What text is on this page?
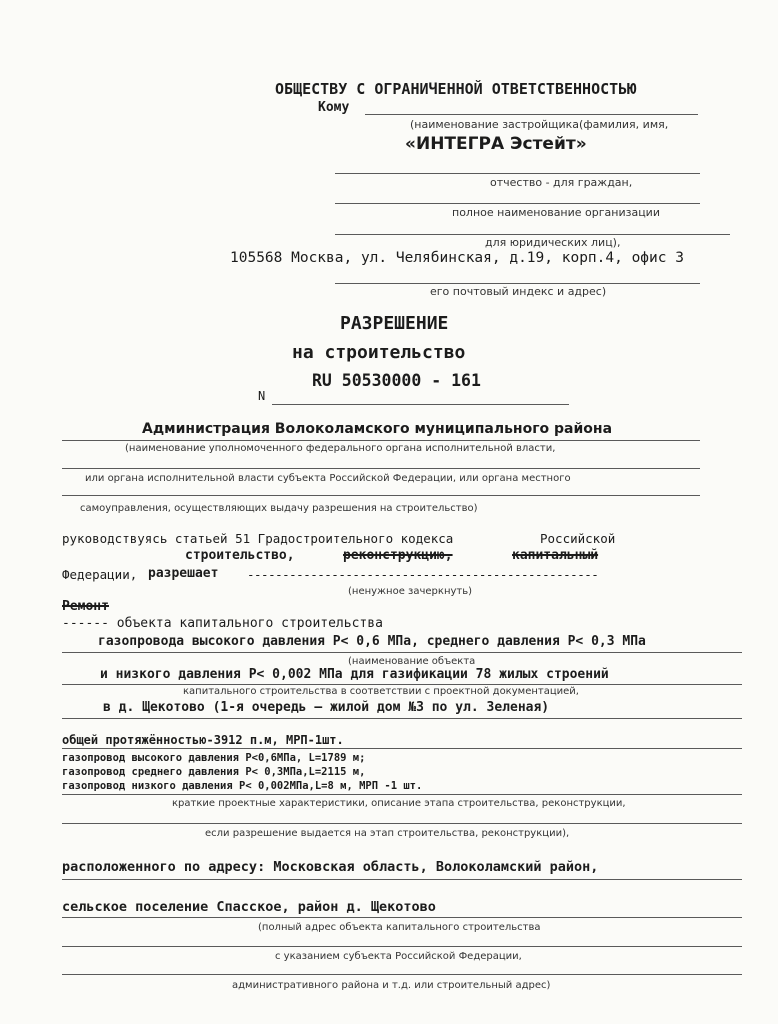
ОБЩЕСТВУ С ОГРАНИЧЕННОЙ ОТВЕТСТВЕННОСТЬЮ
Кому
(наименование застройщика(фамилия, имя,
«ИНТЕГРА Эстейт»
отчество - для граждан,
полное наименование организации
для юридических лиц),
105568 Москва, ул. Челябинская, д.19, корп.4, офис 3
его почтовый индекс и адрес)
РАЗРЕШЕНИЕ
на строительство
RU 50530000 - 161
N
Администрация Волоколамского муниципального района
(наименование уполномоченного федерального органа исполнительной власти,
или органа исполнительной власти субъекта Российской Федерации, или органа местного
самоуправления, осуществляющих выдачу разрешения на строительство)
руководствуясь статьей 51 Градостроительного кодекса	Российской
строительство,	реконструкцию,	капитальный
Федерации, разрешает --------------------------------------------------
(ненужное зачеркнуть)
Ремонт
------ объекта капитального строительства
газопровода высокого давления P< 0,6 МПа, среднего давления P< 0,3 МПа
(наименование объекта
и низкого давления P< 0,002 МПа для газификации 78 жилых строений
капитального строительства в соответствии с проектной документацией,
в д. Щекотово (1-я очередь – жилой дом №3 по ул. Зеленая)
общей протяжённостью-3912 п.м, МРП-1шт.
газопровод высокого давления P<0,6МПа, L=1789 м;
газопровод среднего давления P< 0,3МПа,L=2115 м,
газопровод низкого давления P< 0,002МПа,L=8 м, МРП -1 шт.
краткие проектные характеристики, описание этапа строительства, реконструкции,
если разрешение выдается на этап строительства, реконструкции),
расположенного по адресу: Московская область, Волоколамский район,
сельское поселение Спасское, район д. Щекотово
(полный адрес объекта капитального строительства
с указанием субъекта Российской Федерации,
административного района и т.д. или строительный адрес)
